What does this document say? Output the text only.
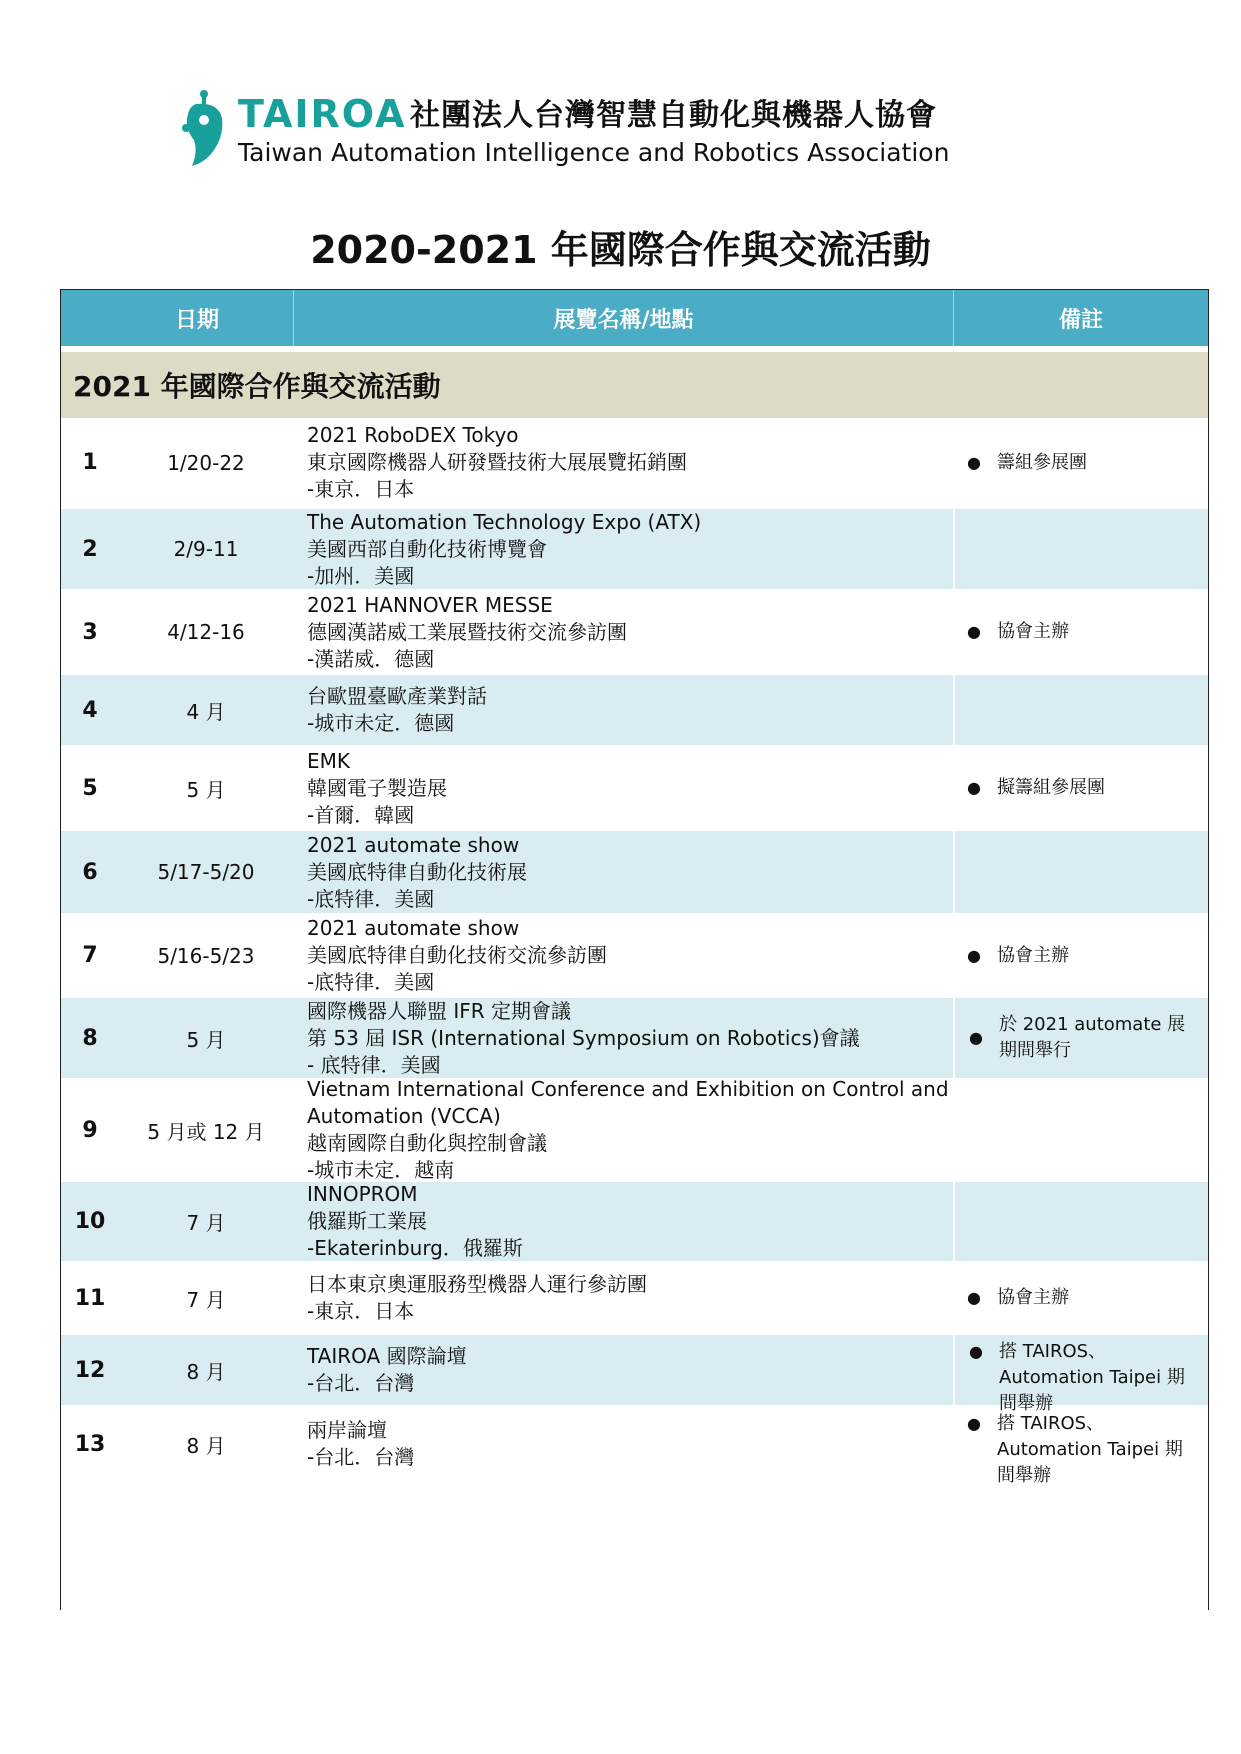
TAIROA 社團法人台灣智慧自動化與機器人協會
Taiwan Automation Intelligence and Robotics Association
2020-2021 年國際合作與交流活動
日期	展覽名稱/地點	備註
2021 年國際合作與交流活動
1	1/20-22
2021 RoboDEX Tokyo
東京國際機器人研發暨技術大展展覽拓銷團
-東京．日本
● 籌組參展團
2	2/9-11
The Automation Technology Expo (ATX)
美國西部自動化技術博覽會
-加州．美國
3	4/12-16
2021 HANNOVER MESSE
德國漢諾威工業展暨技術交流參訪團
-漢諾威．德國
● 協會主辦
4	4 月
台歐盟臺歐產業對話
-城市未定．德國
5	5 月
EMK
韓國電子製造展
-首爾．韓國
● 擬籌組參展團
6	5/17-5/20
2021 automate show
美國底特律自動化技術展
-底特律．美國
7	5/16-5/23
2021 automate show
美國底特律自動化技術交流參訪團
-底特律．美國
● 協會主辦
8	5 月
國際機器人聯盟 IFR 定期會議
第 53 屆 ISR (International Symposium on Robotics)會議
- 底特律．美國
●
於 2021 automate 展
期間舉行
9	5 月或 12 月
Vietnam International Conference and Exhibition on Control and
Automation (VCCA)
越南國際自動化與控制會議
-城市未定．越南
10	7 月
INNOPROM
俄羅斯工業展
-Ekaterinburg．俄羅斯
11	7 月
日本東京奧運服務型機器人運行參訪團
-東京．日本
● 協會主辦
12	8 月
TAIROA 國際論壇
-台北．台灣
● 搭 TAIROS、
Automation Taipei 期
間舉辦
13	8 月
兩岸論壇
-台北．台灣
● 搭 TAIROS、
Automation Taipei 期
間舉辦
